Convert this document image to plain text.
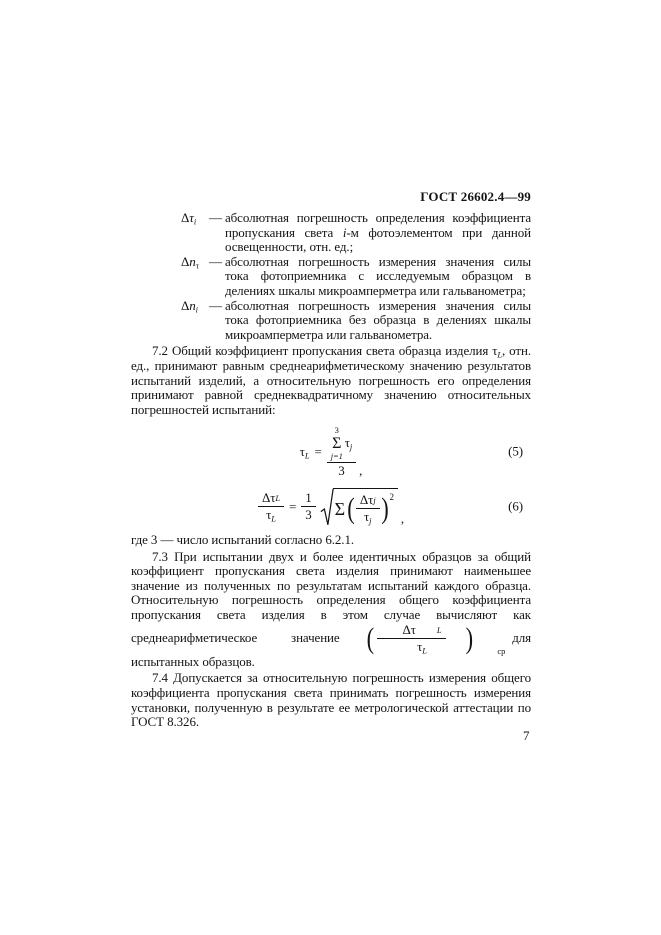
ГОСТ 26602.4—99
$\Delta\tau_i$ — абсолютная погрешность определения коэффициента пропускания света i-м фотоэлементом при данной освещенности, отн. ед.;
$\Delta n_\tau$ — абсолютная погрешность измерения значения силы тока фотоприемника с исследуемым образцом в делениях шкалы микроамперметра или гальванометра;
$\Delta n_i$ — абсолютная погрешность измерения значения силы тока фотоприемника без образца в делениях шкалы микроамперметра или гальванометра.

7.2 Общий коэффициент пропускания света образца изделия $\tau_L$, отн. ед., принимают равным среднеарифметическому значению результатов испытаний изделий, а относительную погрешность его определения принимают равной среднеквадратичному значению относительных погрешностей испытаний:

$\tau_L = 3$
Σ
j=1
$\tau_j$
3 ,
(5)
$\frac{\text{Δτ L}}{\tau_L} = \frac{1}{3}$ Σ ( $\frac{\text{Δτ j}}{\tau_j}$ ) 2
,
(6)

где 3 — число испытаний согласно 6.2.1.

7.3 При испытании двух и более идентичных образцов за общий коэффициент пропускания света изделия принимают наименьшее значение из полученных по результатам испытаний каждого образца. Относительную погрешность определения общего коэффициента пропускания света изделия в этом случае вычисляют как среднеарифметическое значение ( Δτ	L
$\tau_L$ )	ср
для испытанных образцов.

7.4 Допускается за относительную погрешность измерения общего коэффициента пропускания света принимать погрешность измерения установки, полученную в результате ее метрологической аттестации по ГОСТ 8.326.

7
